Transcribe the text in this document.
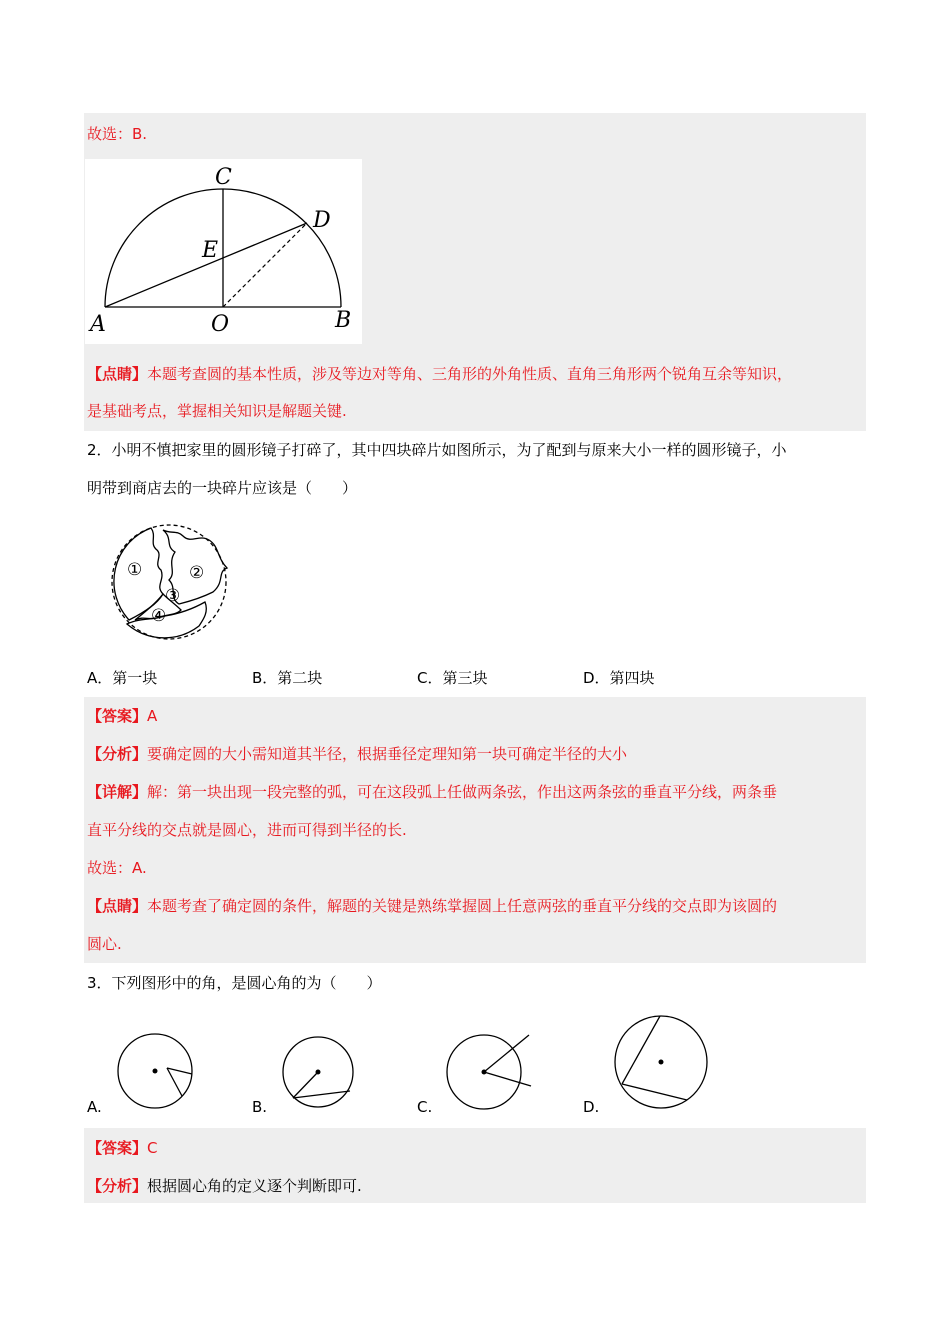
故选：B.
C
D
E
A	O	B
【点睛】本题考查圆的基本性质，涉及等边对等角、三角形的外角性质、直角三角形两个锐角互余等知识，
是基础考点，掌握相关知识是解题关键.
2．小明不慎把家里的圆形镜子打碎了，其中四块碎片如图所示，为了配到与原来大小一样的圆形镜子，小
明带到商店去的一块碎片应该是（　　）
①	②
③
④
A．第一块	B．第二块	C．第三块	D．第四块
【答案】A
【分析】要确定圆的大小需知道其半径，根据垂径定理知第一块可确定半径的大小
【详解】解：第一块出现一段完整的弧，可在这段弧上任做两条弦，作出这两条弦的垂直平分线，两条垂
直平分线的交点就是圆心，进而可得到半径的长.
故选：A.
【点睛】本题考查了确定圆的条件，解题的关键是熟练掌握圆上任意两弦的垂直平分线的交点即为该圆的
圆心.
3．下列图形中的角，是圆心角的为（　　）
A.	B.	C.	D.
【答案】C
【分析】根据圆心角的定义逐个判断即可.
